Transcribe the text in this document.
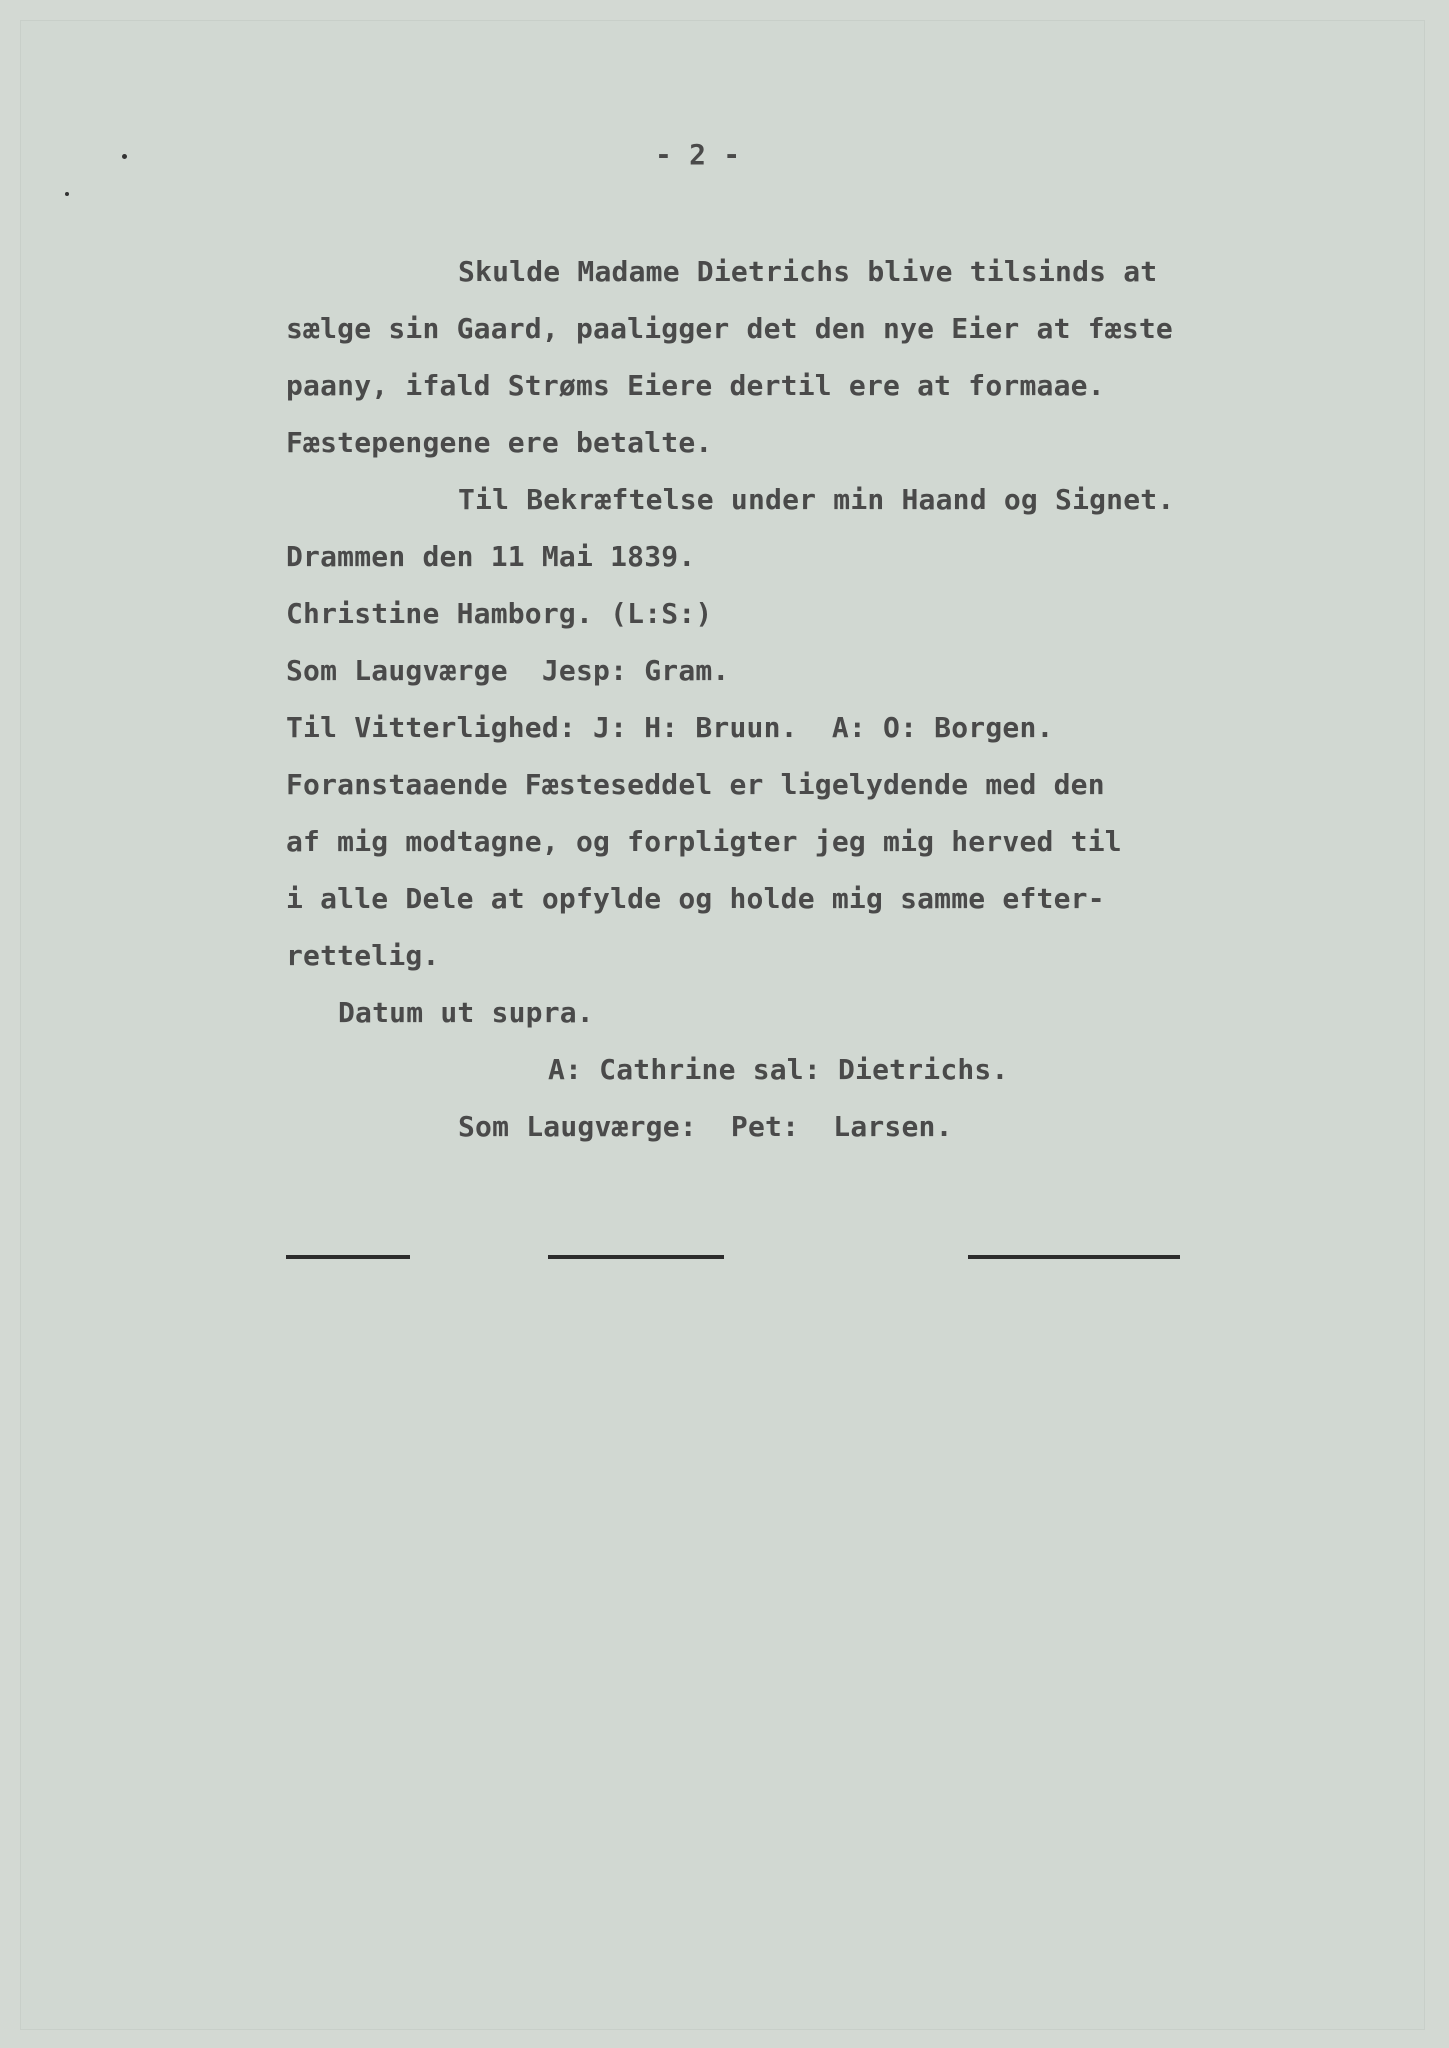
- 2 -
Skulde Madame Dietrichs blive tilsinds at
sælge sin Gaard, paaligger det den nye Eier at fæste
paany, ifald Strøms Eiere dertil ere at formaae.
Fæstepengene ere betalte.
Til Bekræftelse under min Haand og Signet.
Drammen den 11 Mai 1839.
Christine Hamborg. (L:S:)
Som Laugværge  Jesp: Gram.
Til Vitterlighed: J: H: Bruun.  A: O: Borgen.
Foranstaaende Fæsteseddel er ligelydende med den
af mig modtagne, og forpligter jeg mig herved til
i alle Dele at opfylde og holde mig samme efter-
rettelig.
Datum ut supra.
A: Cathrine sal: Dietrichs.
Som Laugværge:  Pet:  Larsen.
